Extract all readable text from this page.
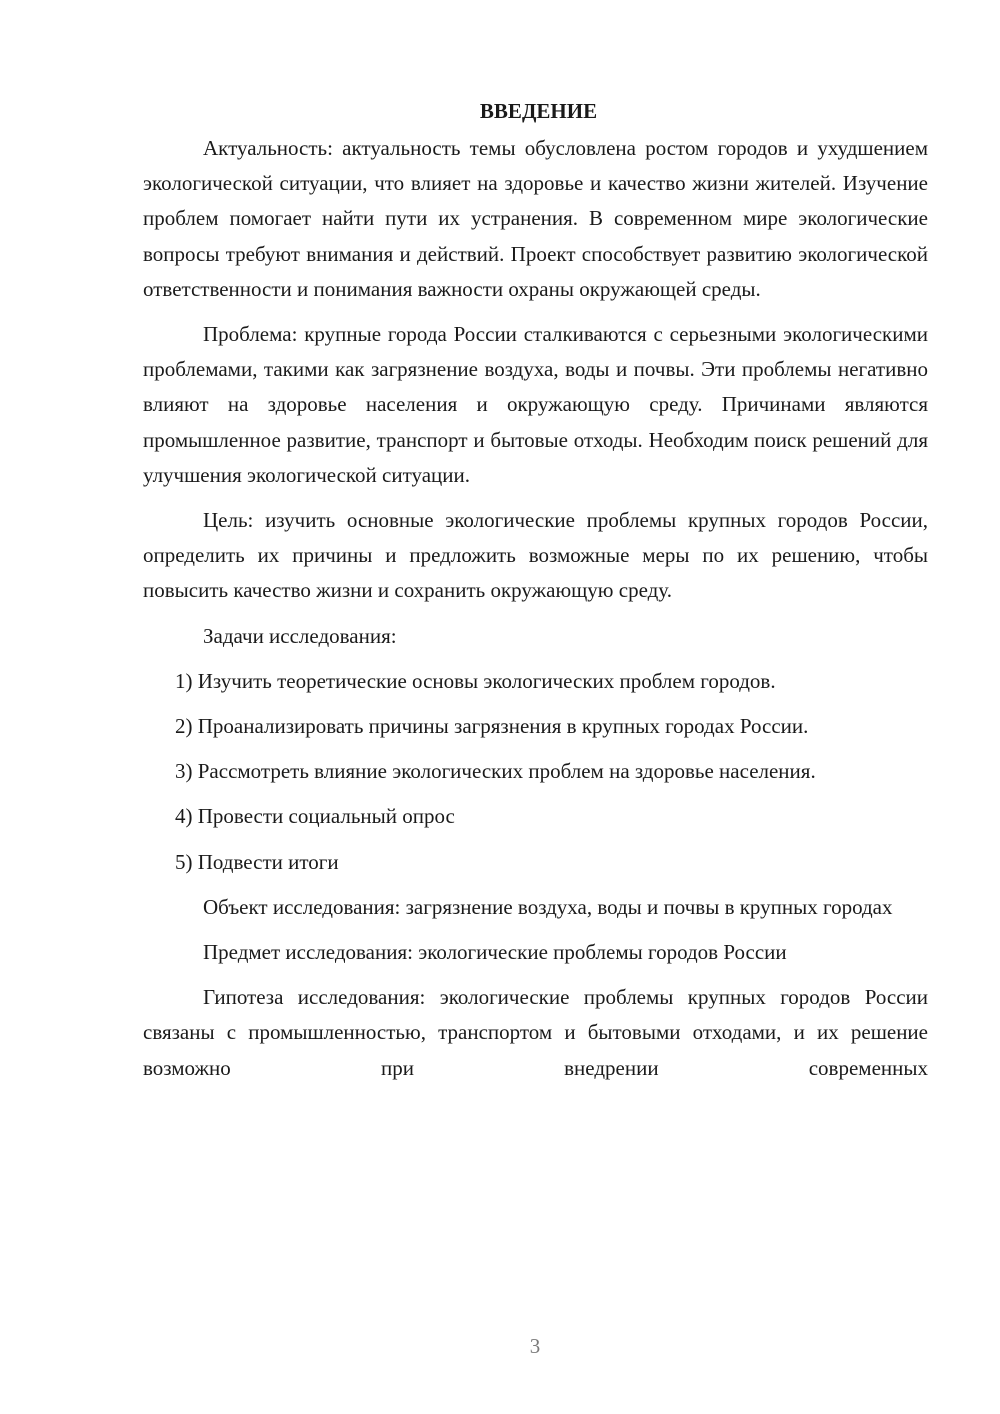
ВВЕДЕНИЕ
Актуальность: актуальность темы обусловлена ростом городов и ухудшением экологической ситуации, что влияет на здоровье и качество жизни жителей. Изучение проблем помогает найти пути их устранения. В современном мире экологические вопросы требуют внимания и действий. Проект способствует развитию экологической ответственности и понимания важности охраны окружающей среды.
Проблема: крупные города России сталкиваются с серьезными экологическими проблемами, такими как загрязнение воздуха, воды и почвы. Эти проблемы негативно влияют на здоровье населения и окружающую среду. Причинами являются промышленное развитие, транспорт и бытовые отходы. Необходим поиск решений для улучшения экологической ситуации.
Цель: изучить основные экологические проблемы крупных городов России, определить их причины и предложить возможные меры по их решению, чтобы повысить качество жизни и сохранить окружающую среду.
Задачи исследования:
1) Изучить теоретические основы экологических проблем городов.
2) Проанализировать причины загрязнения в крупных городах России.
3) Рассмотреть влияние экологических проблем на здоровье населения.
4) Провести социальный опрос
5) Подвести итоги
Объект исследования: загрязнение воздуха, воды и почвы в крупных городах
Предмет исследования: экологические проблемы городов России
Гипотеза исследования: экологические проблемы крупных городов России связаны с промышленностью, транспортом и бытовыми отходами, и их решение возможно при внедрении современных
3
